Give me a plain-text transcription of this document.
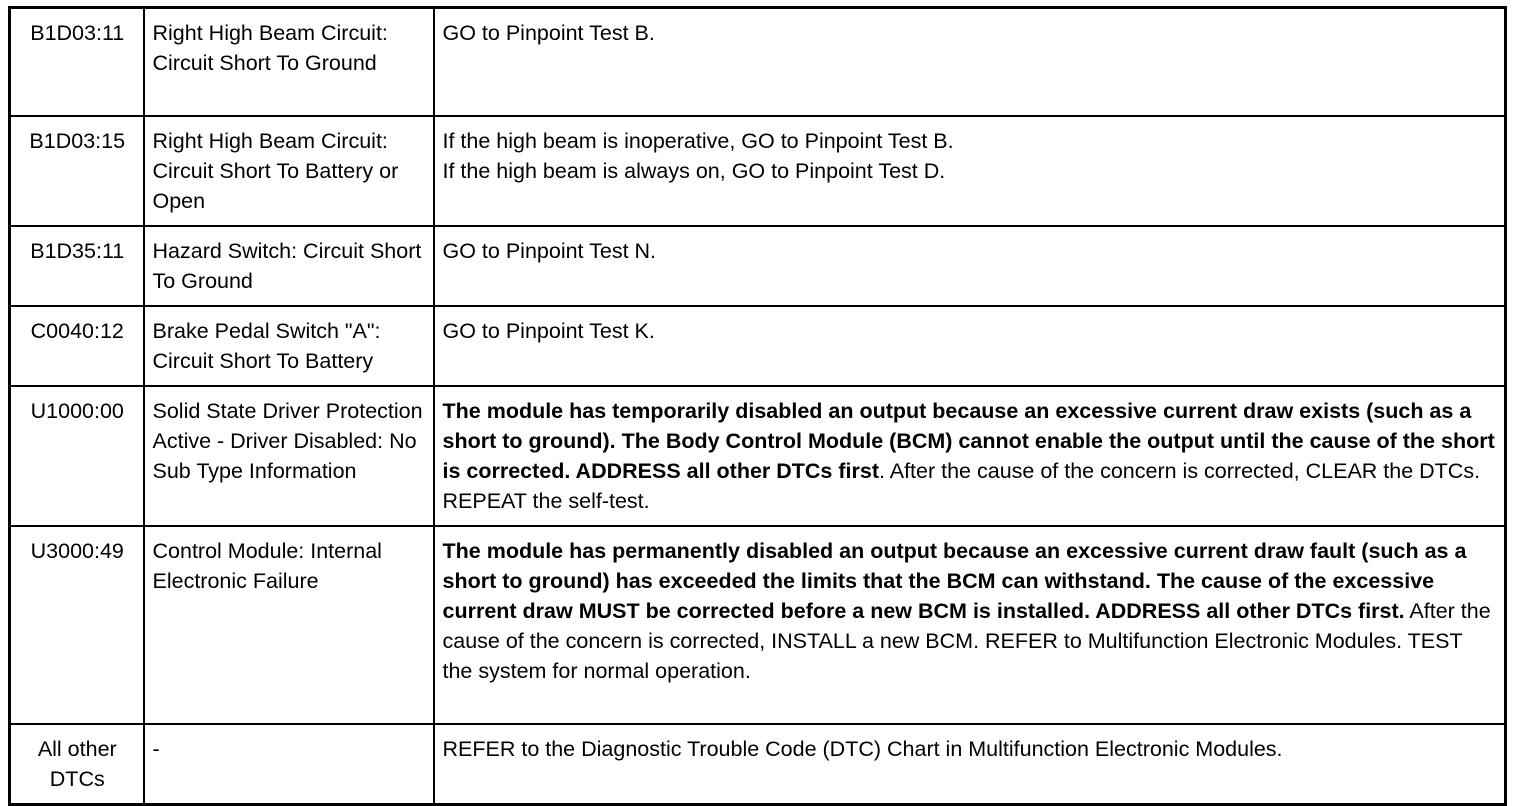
B1D03:11	Right High Beam Circuit: Circuit Short To Ground	GO to Pinpoint Test B.

B1D03:15	Right High Beam Circuit: Circuit Short To Battery or Open	If the high beam is inoperative, GO to Pinpoint Test B.
If the high beam is always on, GO to Pinpoint Test D.

B1D35:11	Hazard Switch: Circuit Short To Ground	GO to Pinpoint Test N.

C0040:12	Brake Pedal Switch "A": Circuit Short To Battery	GO to Pinpoint Test K.

U1000:00	Solid State Driver Protection Active - Driver Disabled: No Sub Type Information	The module has temporarily disabled an output because an excessive current draw exists (such as a short to ground). The Body Control Module (BCM) cannot enable the output until the cause of the short is corrected. ADDRESS all other DTCs first. After the cause of the concern is corrected, CLEAR the DTCs. REPEAT the self-test.
U3000:49	Control Module: Internal Electronic Failure	The module has permanently disabled an output because an excessive current draw fault (such as a short to ground) has exceeded the limits that the BCM can withstand. The cause of the excessive current draw MUST be corrected before a new BCM is installed. ADDRESS all other DTCs first. After the cause of the concern is corrected, INSTALL a new BCM. REFER to Multifunction Electronic Modules. TEST the system for normal operation.
All other DTCs	-	REFER to the Diagnostic Trouble Code (DTC) Chart in Multifunction Electronic Modules.
